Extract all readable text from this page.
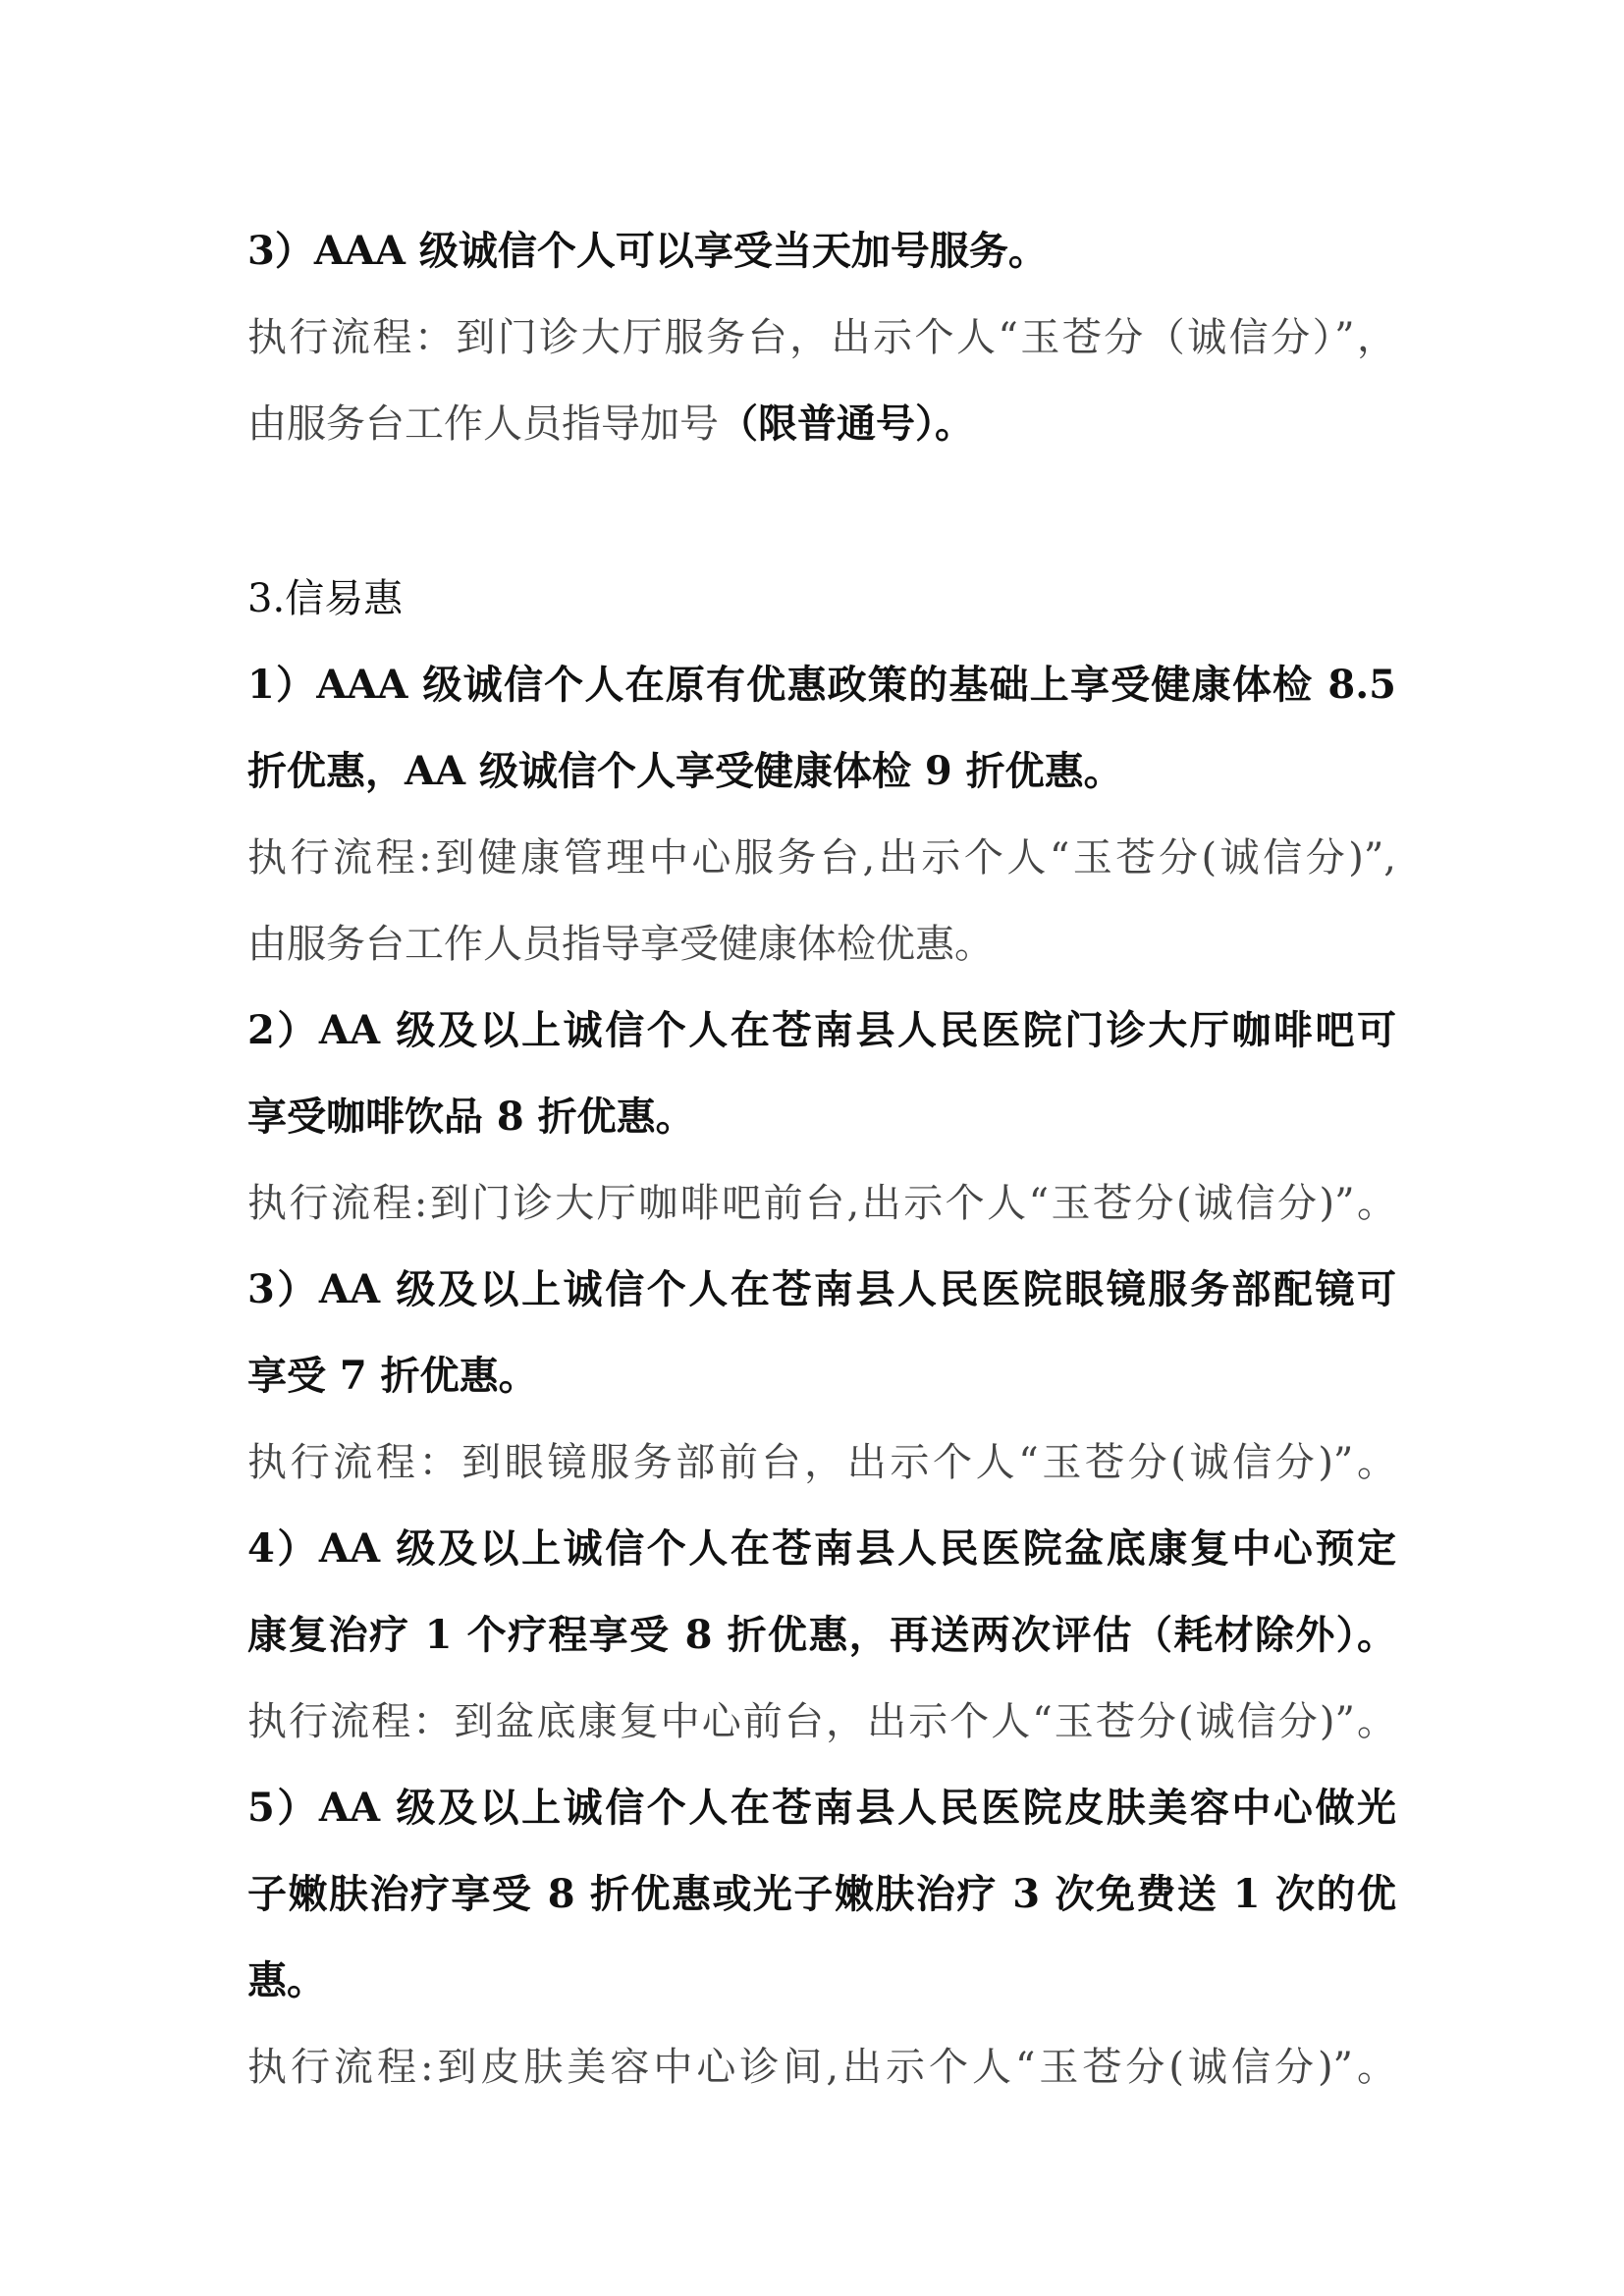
3）AAA 级诚信个人可以享受当天加号服务。
执行流程：到门诊大厅服务台，出示个人“玉苍分（诚信分）”，
由服务台工作人员指导加号（限普通号）。
3.信易惠
1）AAA 级诚信个人在原有优惠政策的基础上享受健康体检 8.5
折优惠，AA 级诚信个人享受健康体检 9 折优惠。
执行流程:到健康管理中心服务台,出示个人“玉苍分(诚信分)”,
由服务台工作人员指导享受健康体检优惠。
2）AA 级及以上诚信个人在苍南县人民医院门诊大厅咖啡吧可
享受咖啡饮品 8 折优惠。
执行流程:到门诊大厅咖啡吧前台,出示个人“玉苍分(诚信分)”。
3）AA 级及以上诚信个人在苍南县人民医院眼镜服务部配镜可
享受 7 折优惠。
执行流程：到眼镜服务部前台，出示个人“玉苍分(诚信分)”。
4）AA 级及以上诚信个人在苍南县人民医院盆底康复中心预定
康复治疗 1 个疗程享受 8 折优惠，再送两次评估（耗材除外）。
执行流程：到盆底康复中心前台，出示个人“玉苍分(诚信分)”。
5）AA 级及以上诚信个人在苍南县人民医院皮肤美容中心做光
子嫩肤治疗享受 8 折优惠或光子嫩肤治疗 3 次免费送 1 次的优
惠。
执行流程:到皮肤美容中心诊间,出示个人“玉苍分(诚信分)”。
